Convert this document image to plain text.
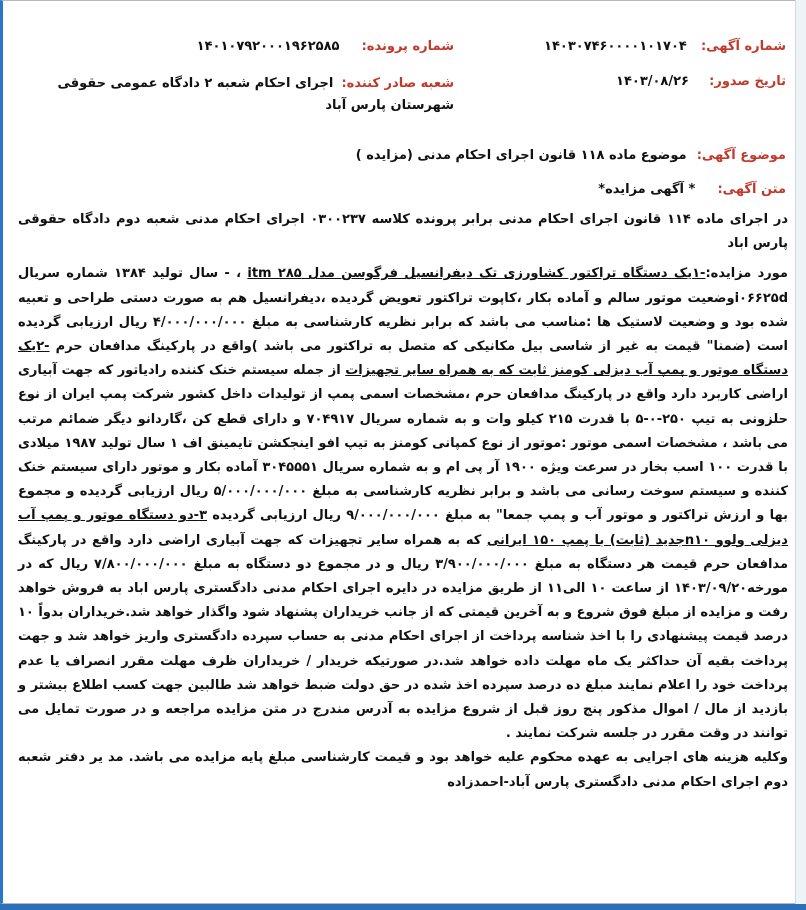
شماره آگهی: ۱۴۰۳۰۷۴۶۰۰۰۰۱۰۱۷۰۴
شماره پرونده: ۱۴۰۱۰۷۹۲۰۰۰۱۹۶۲۵۸۵
تاریخ صدور: ۱۴۰۳/۰۸/۲۶
شعبه صادر کننده: اجرای احکام شعبه ۲ دادگاه عمومی حقوقی شهرستان پارس آباد
موضوع آگهی: موضوع ماده ۱۱۸ قانون اجرای احکام مدنی (مزایده )
متن آگهی: * آگهی مزایده*
در اجرای ماده ۱۱۴ قانون اجرای احکام مدنی برابر پرونده کلاسه ۰۳۰۰۲۳۷ اجرای احکام مدنی شعبه دوم دادگاه حقوقی پارس اباد
مورد مزایده:-۱یک دستگاه تراکتور کشاورزی تک دیفرانسیل فرگوسن مدل itm ۲۸۵ ، - سال تولید ۱۳۸۴ شماره سریال i۰۶۶۲۵dوضعیت موتور سالم و آماده بکار ،کاپوت تراکتور تعویض گردیده ،دیفرانسیل هم به صورت دستی طراحی و تعبیه شده بود و وضعیت لاستیک ها :مناسب می باشد که برابر نظریه کارشناسی به مبلغ ۴/۰۰۰/۰۰۰/۰۰۰ ریال ارزیابی گردیده است (ضمنا" قیمت به غیر از شاسی بیل مکانیکی که متصل به تراکتور می باشد )واقع در پارکینگ مدافعان حرم -۲یک دستگاه موتور و پمپ آب دیزلی کومنز ثابت که به همراه سایر تجهیزات از جمله سیستم خنک کننده رادیاتور که جهت آبیاری اراضی کاربرد دارد واقع در پارکینگ مدافعان حرم ،مشخصات اسمی پمپ از تولیدات داخل کشور شرکت پمپ ایران از نوع حلزونی به تیپ ۲۵۰-۰-۵ با قدرت ۲۱۵ کیلو وات و به شماره سریال ۷۰۴۹۱۷ و دارای قطع کن ،گاردانو دیگر ضمائم مرتب می باشد ، مشخصات اسمی موتور :موتور از نوع کمپانی کومنز به تیپ افو اینجکشن تایمینق اف ۱ سال تولید ۱۹۸۷ میلادی با قدرت ۱۰۰ اسب بخار در سرعت ویژه ۱۹۰۰ آر پی ام و به شماره سریال ۳۰۴۵۵۵۱ آماده بکار و موتور دارای سیستم خنک کننده و سیستم سوخت رسانی می باشد و برابر نظریه کارشناسی به مبلغ ۵/۰۰۰/۰۰۰/۰۰۰ ریال ارزیابی گردیده و مجموع بها و ارزش تراکتور و موتور آب و پمپ جمعا" به مبلغ ۹/۰۰۰/۰۰۰/۰۰۰ ریال ارزیابی گردیده ۳-دو دستگاه موتور و پمپ آب دیزلی ولوو n۱۰جدید (ثابت) با پمپ ۱۵۰ ایرانی که به همراه سایر تجهیزات که جهت آبیاری اراضی دارد واقع در پارکینگ مدافعان حرم قیمت هر دستگاه به مبلغ ۳/۹۰۰/۰۰۰/۰۰۰ ریال و در مجموع دو دستگاه به مبلغ ۷/۸۰۰/۰۰۰/۰۰۰ ریال که در مورخه۱۴۰۳/۰۹/۲۰ از ساعت ۱۰ الی۱۱ از طریق مزایده در دایره اجرای احکام مدنی دادگستری پارس اباد به فروش خواهد رفت و مزایده از مبلغ فوق شروع و به آخرین قیمتی که از جانب خریداران پشنهاد شود واگذار خواهد شد.خریداران بدواً ۱۰ درصد قیمت پیشنهادی را با اخذ شناسه پرداخت از اجرای احکام مدنی به حساب سپرده دادگستری واریز خواهد شد و جهت پرداخت بقیه آن حداکثر یک ماه مهلت داده خواهد شد.در صورتیکه خریدار / خریداران ظرف مهلت مقرر انصراف یا عدم پرداخت خود را اعلام نمایند مبلغ ده درصد سپرده اخذ شده در حق دولت ضبط خواهد شد طالبین جهت کسب اطلاع بیشتر و بازدید از مال / اموال مذکور پنج روز قبل از شروع مزایده به آدرس مندرج در متن مزایده مراجعه و در صورت تمایل می توانند در وقت مقرر در جلسه شرکت نمایند .
وکلیه هزینه های اجرایی به عهده محکوم علیه خواهد بود و قیمت کارشناسی مبلغ پایه مزایده می باشد. مد یر دفتر شعبه دوم اجرای احکام مدنی دادگستری پارس آباد-احمدزاده
